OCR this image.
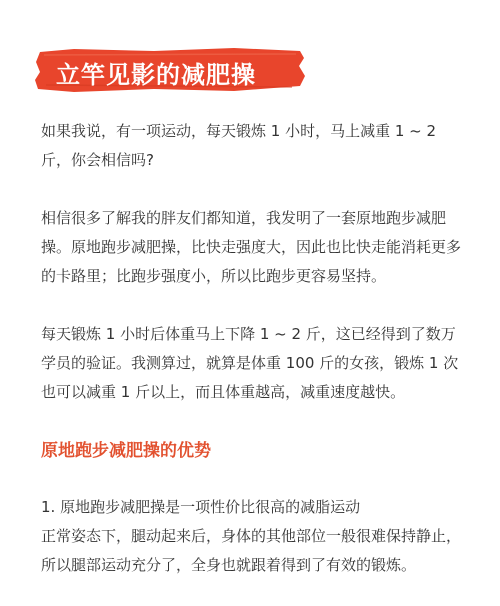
立竿见影的减肥操

如果我说，有一项运动，每天锻炼 1 小时，马上减重 1 ~ 2 斤，你会相信吗?

相信很多了解我的胖友们都知道，我发明了一套原地跑步减肥操。原地跑步减肥操，比快走强度大，因此也比快走能消耗更多的卡路里；比跑步强度小，所以比跑步更容易坚持。

每天锻炼 1 小时后体重马上下降 1 ~ 2 斤，这已经得到了数万学员的验证。我测算过，就算是体重 100 斤的女孩，锻炼 1 次也可以减重 1 斤以上，而且体重越高，减重速度越快。

原地跑步减肥操的优势

1. 原地跑步减肥操是一项性价比很高的减脂运动

正常姿态下，腿动起来后，身体的其他部位一般很难保持静止，所以腿部运动充分了，全身也就跟着得到了有效的锻炼。
